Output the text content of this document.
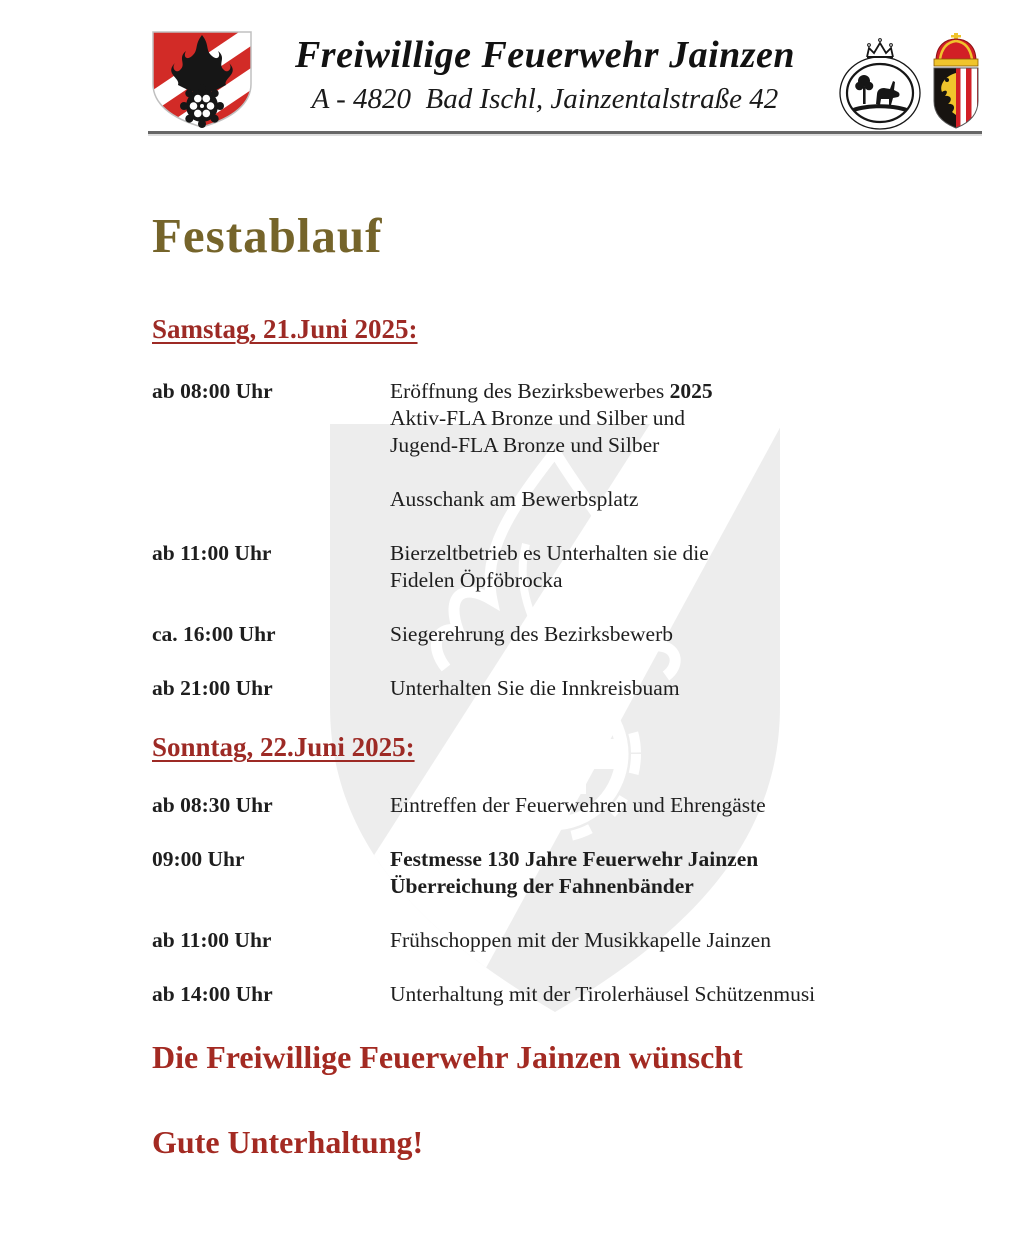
Freiwillige Feuerwehr Jainzen
A - 4820  Bad Ischl, Jainzentalstraße 42
Festablauf
Samstag, 21.Juni 2025:
ab 08:00 Uhr	Eröffnung des Bezirksbewerbes 2025
Aktiv-FLA Bronze und Silber und
Jugend-FLA Bronze und Silber
Ausschank am Bewerbsplatz
ab 11:00 Uhr	Bierzeltbetrieb es Unterhalten sie die
Fidelen Öpföbrocka
ca. 16:00 Uhr	Siegerehrung des Bezirksbewerb
ab 21:00 Uhr	Unterhalten Sie die Innkreisbuam
Sonntag, 22.Juni 2025:
ab 08:30 Uhr	Eintreffen der Feuerwehren und Ehrengäste
09:00 Uhr	Festmesse 130 Jahre Feuerwehr Jainzen
Überreichung der Fahnenbänder
ab 11:00 Uhr	Frühschoppen mit der Musikkapelle Jainzen
ab 14:00 Uhr	Unterhaltung mit der Tirolerhäusel Schützenmusi
Die Freiwillige Feuerwehr Jainzen wünscht
Gute Unterhaltung!
